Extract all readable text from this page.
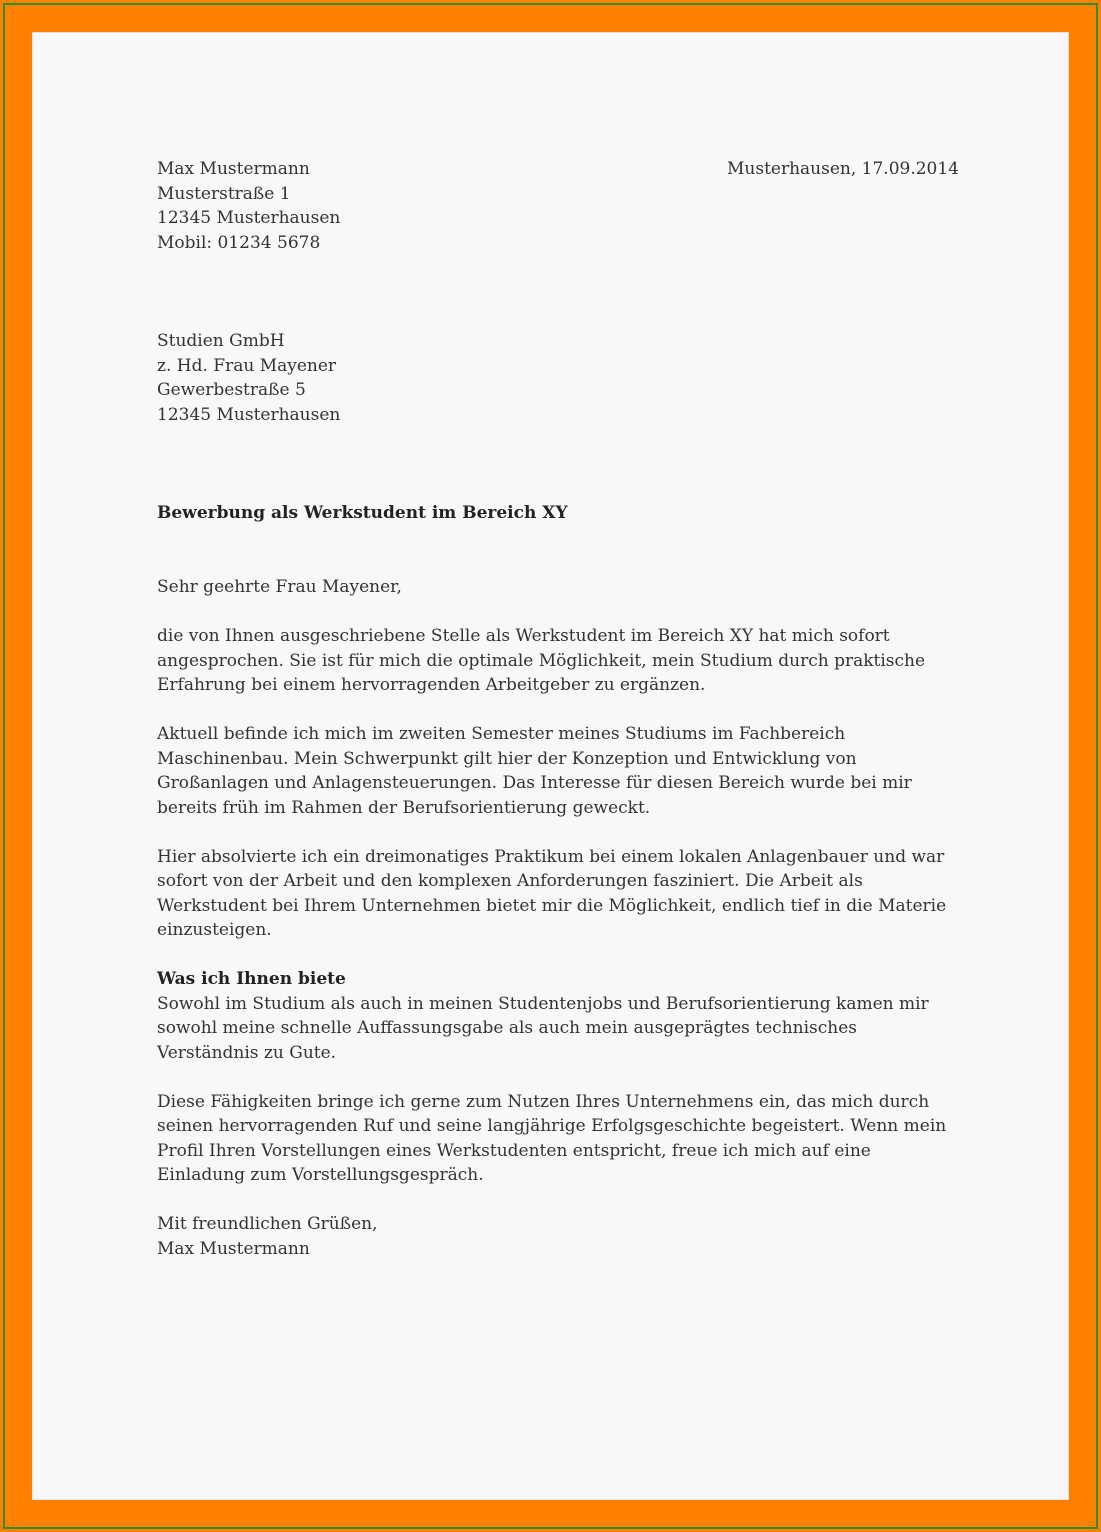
Max Mustermann

Musterstraße 1

12345 Musterhausen

Mobil: 01234 5678

Musterhausen, 17.09.2014

Studien GmbH

z. Hd. Frau Mayener

Gewerbestraße 5

12345 Musterhausen

Bewerbung als Werkstudent im Bereich XY

Sehr geehrte Frau Mayener,

die von Ihnen ausgeschriebene Stelle als Werkstudent im Bereich XY hat mich sofort angesprochen. Sie ist für mich die optimale Möglichkeit, mein Studium durch praktische Erfahrung bei einem hervorragenden Arbeitgeber zu ergänzen.

Aktuell befinde ich mich im zweiten Semester meines Studiums im Fachbereich Maschinenbau. Mein Schwerpunkt gilt hier der Konzeption und Entwicklung von Großanlagen und Anlagensteuerungen. Das Interesse für diesen Bereich wurde bei mir bereits früh im Rahmen der Berufsorientierung geweckt.

Hier absolvierte ich ein dreimonatiges Praktikum bei einem lokalen Anlagenbauer und war sofort von der Arbeit und den komplexen Anforderungen fasziniert. Die Arbeit als Werkstudent bei Ihrem Unternehmen bietet mir die Möglichkeit, endlich tief in die Materie einzusteigen.

Was ich Ihnen biete

Sowohl im Studium als auch in meinen Studentenjobs und Berufsorientierung kamen mir sowohl meine schnelle Auffassungsgabe als auch mein ausgeprägtes technisches Verständnis zu Gute.

Diese Fähigkeiten bringe ich gerne zum Nutzen Ihres Unternehmens ein, das mich durch seinen hervorragenden Ruf und seine langjährige Erfolgsgeschichte begeistert. Wenn mein Profil Ihren Vorstellungen eines Werkstudenten entspricht, freue ich mich auf eine Einladung zum Vorstellungsgespräch.

Mit freundlichen Grüßen,

Max Mustermann
